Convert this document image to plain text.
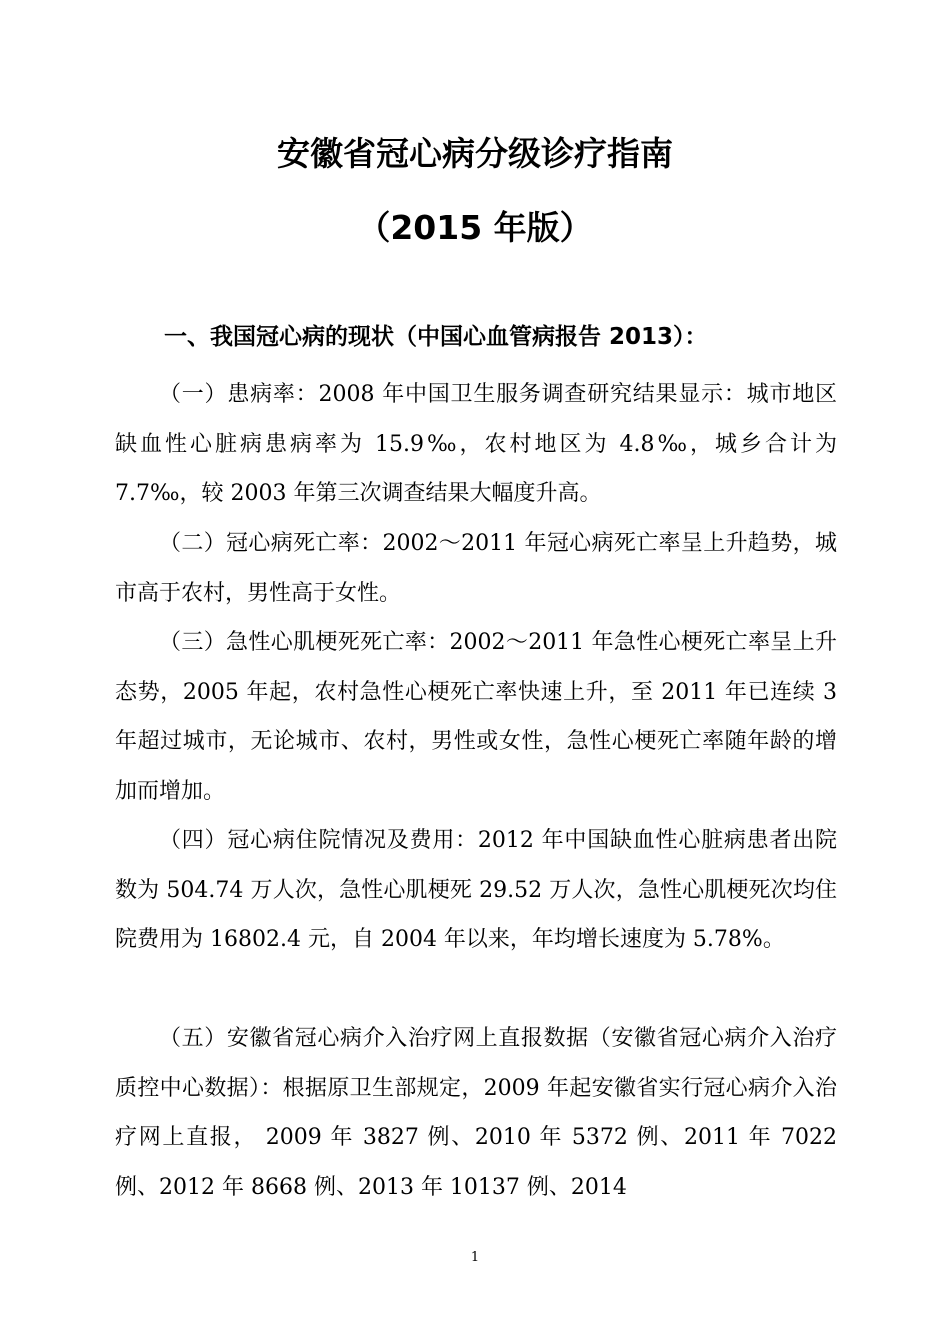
安徽省冠心病分级诊疗指南
（2015 年版）
一、我国冠心病的现状（中国心血管病报告 2013）：

（一）患病率：2008 年中国卫生服务调查研究结果显示：城市地区缺血性心脏病患病率为 15.9‰，农村地区为 4.8‰，城乡合计为 7.7‰，较 2003 年第三次调查结果大幅度升高。

（二）冠心病死亡率：2002～2011 年冠心病死亡率呈上升趋势，城市高于农村，男性高于女性。

（三）急性心肌梗死死亡率：2002～2011 年急性心梗死亡率呈上升态势，2005 年起，农村急性心梗死亡率快速上升，至 2011 年已连续 3 年超过城市，无论城市、农村，男性或女性，急性心梗死亡率随年龄的增加而增加。

（四）冠心病住院情况及费用：2012 年中国缺血性心脏病患者出院数为 504.74 万人次，急性心肌梗死 29.52 万人次，急性心肌梗死次均住院费用为 16802.4 元，自 2004 年以来，年均增长速度为 5.78%。

（五）安徽省冠心病介入治疗网上直报数据（安徽省冠心病介入治疗质控中心数据）：根据原卫生部规定，2009 年起安徽省实行冠心病介入治疗网上直报， 2009 年 3827 例、2010 年 5372 例、2011 年 7022 例、2012 年 8668 例、2013 年 10137 例、2014

1
